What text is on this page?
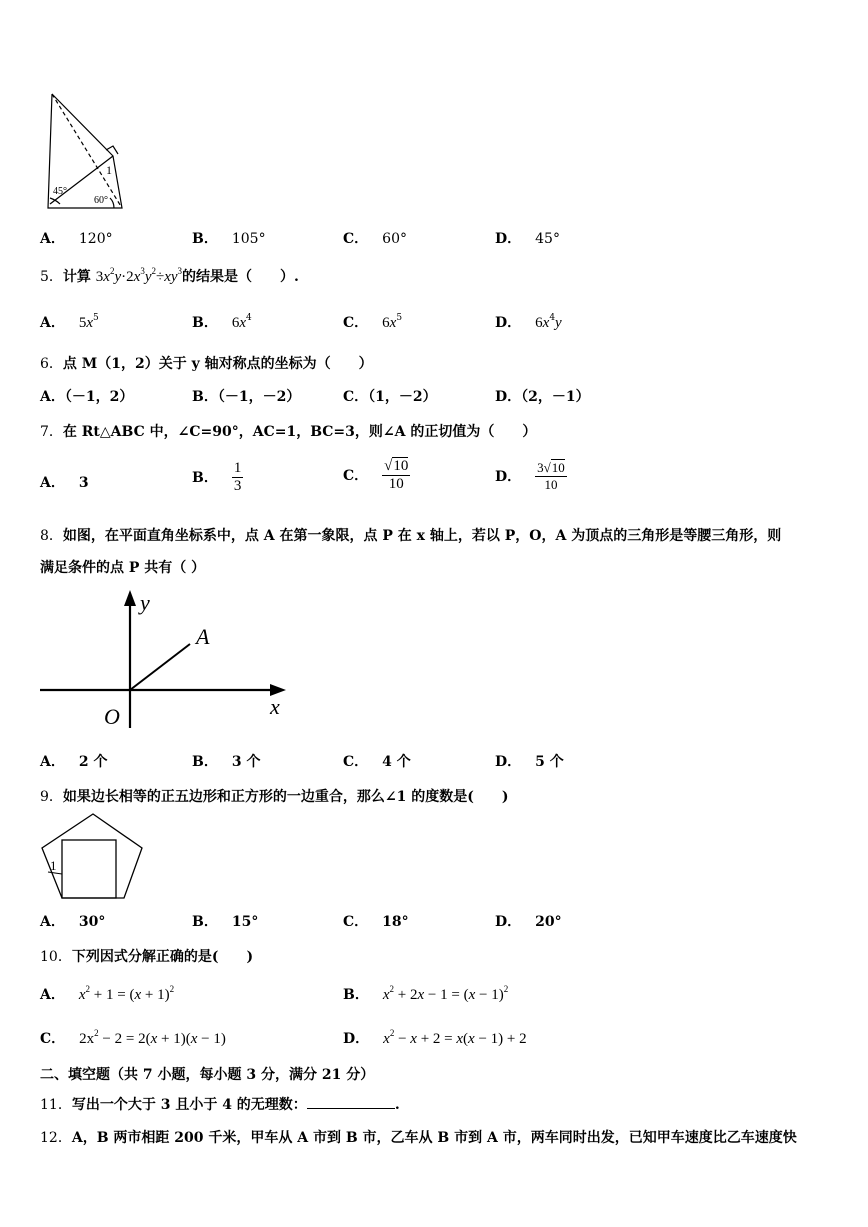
1
45°
60°
A． 120°	B． 105°	C． 60°	D． 45°
5．计算 $3x^2y\cdot 2x^3y^2\div xy^3$的结果是（　　）.
A． $5x^5$	B． $6x^4$	C． $6x^5$	D． $6x^4y$
6．点 M（1，2）关于 y 轴对称点的坐标为（　　）
A．（－1，2）	B．（－1，－2）	C．（1，－2）	D．（2，－1）
7．在 Rt△ABC 中，∠C=90°，AC=1，BC=3，则∠A 的正切值为（　　）
A． 3	B． $\frac{1}{3}$	C． $\frac{√10}{10}$	D． $\frac{3√10}{10}$
8．如图，在平面直角坐标系中，点 A 在第一象限，点 P 在 x 轴上，若以 P，O，A 为顶点的三角形是等腰三角形，则
满足条件的点 P 共有（ ）
y
A
O	x
A． 2 个	B． 3 个	C． 4 个	D． 5 个
9．如果边长相等的正五边形和正方形的一边重合，那么∠1 的度数是(　　)
1
A． 30°	B． 15°	C． 18°	D． 20°
10．下列因式分解正确的是(　　)
A． $x^2 + 1 = (x + 1)^2$	B． $x^2 + 2x - 1 = (x - 1)^2$
C． $2x^2 - 2 = 2(x + 1)(x - 1)$	D． $x^2 - x + 2 = x(x - 1) + 2$
二、填空题（共 7 小题，每小题 3 分，满分 21 分）
11．写出一个大于 3 且小于 4 的无理数：	.
12．A，B 两市相距 200 千米，甲车从 A 市到 B 市，乙车从 B 市到 A 市，两车同时出发，已知甲车速度比乙车速度快
